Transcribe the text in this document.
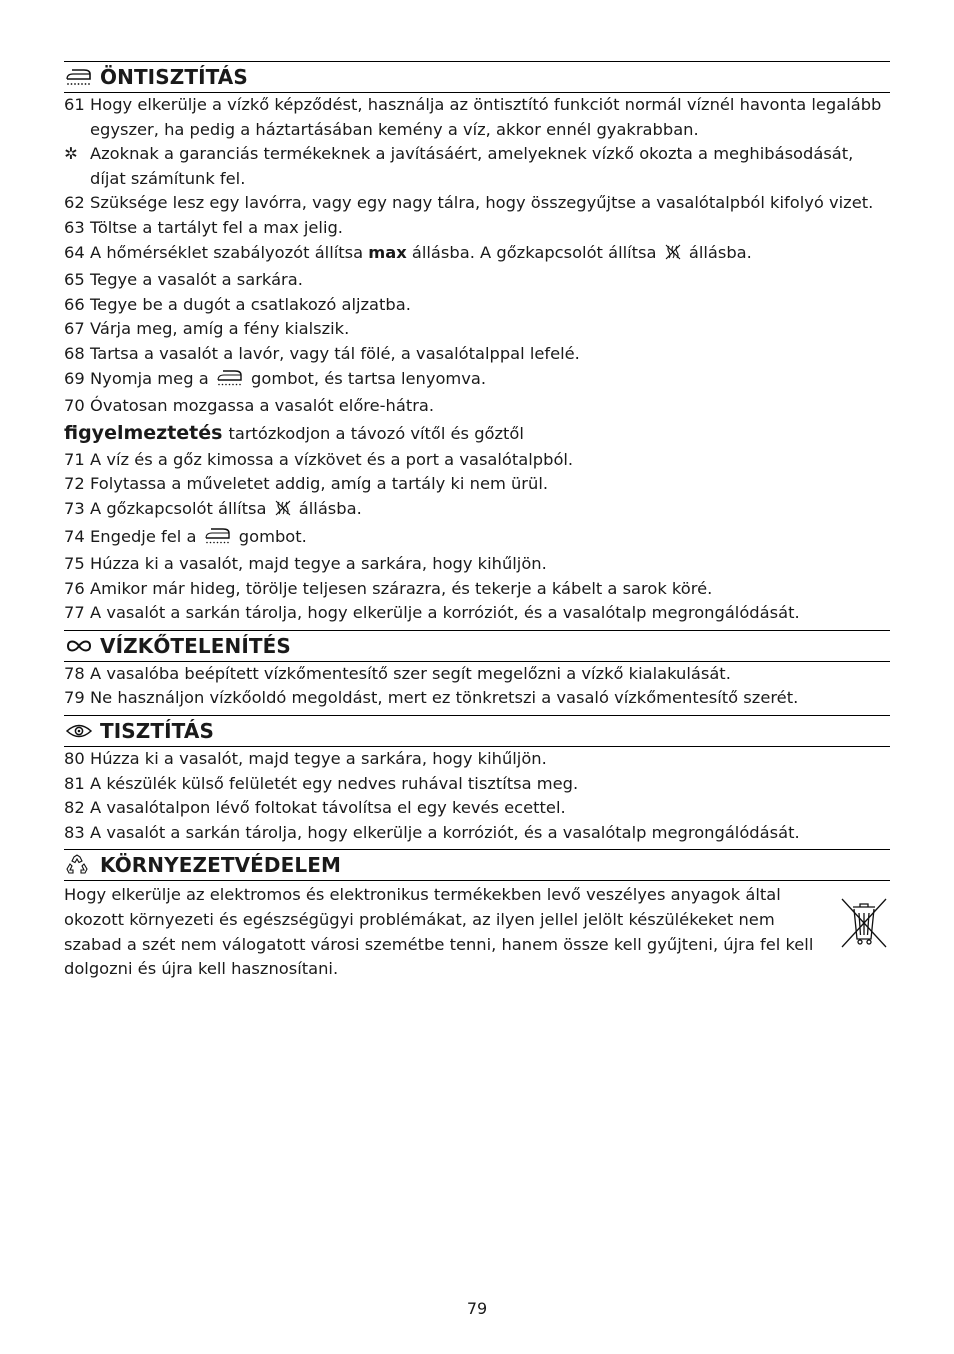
ÖNTISZTÍTÁS
61 Hogy elkerülje a vízkő képződést, használja az öntisztító funkciót normál víznél havonta legalább egyszer, ha pedig a háztartásában kemény a víz, akkor ennél gyakrabban.
✲ Azoknak a garanciás termékeknek a javításáért, amelyeknek vízkő okozta a meghibásodását, díjat számítunk fel.
62 Szüksége lesz egy lavórra, vagy egy nagy tálra, hogy összegyűjtse a vasalótalpból kifolyó vizet.
63 Töltse a tartályt fel a max jelig.
64 A hőmérséklet szabályozót állítsa max állásba. A gőzkapcsolót állítsa  állásba.
65 Tegye a vasalót a sarkára.
66 Tegye be a dugót a csatlakozó aljzatba.
67 Várja meg, amíg a fény kialszik.
68 Tartsa a vasalót a lavór, vagy tál fölé, a vasalótalppal lefelé.
69 Nyomja meg a  gombot, és tartsa lenyomva.
70 Óvatosan mozgassa a vasalót előre-hátra.
figyelmeztetés tartózkodjon a távozó vítől és gőztől
71 A víz és a gőz kimossa a vízkövet és a port a vasalótalpból.
72 Folytassa a műveletet addig, amíg a tartály ki nem ürül.
73 A gőzkapcsolót állítsa  állásba.
74 Engedje fel a  gombot.
75 Húzza ki a vasalót, majd tegye a sarkára, hogy kihűljön.
76 Amikor már hideg, törölje teljesen szárazra, és tekerje a kábelt a sarok köré.
77 A vasalót a sarkán tárolja, hogy elkerülje a korróziót, és a vasalótalp megrongálódását.
VÍZKŐTELENÍTÉS
78 A vasalóba beépített vízkőmentesítő szer segít megelőzni a vízkő kialakulását.
79 Ne használjon vízkőoldó megoldást, mert ez tönkretszi a vasaló vízkőmentesítő szerét.
TISZTÍTÁS
80 Húzza ki a vasalót, majd tegye a sarkára, hogy kihűljön.
81 A készülék külső felületét egy nedves ruhával tisztítsa meg.
82 A vasalótalpon lévő foltokat távolítsa el egy kevés ecettel.
83 A vasalót a sarkán tárolja, hogy elkerülje a korróziót, és a vasalótalp megrongálódását.
KÖRNYEZETVÉDELEM
Hogy elkerülje az elektromos és elektronikus termékekben levő veszélyes anyagok által okozott környezeti és egészségügyi problémákat, az ilyen jellel jelölt készülékeket nem szabad a szét nem válogatott városi szemétbe tenni, hanem össze kell gyűjteni, újra fel kell dolgozni és újra kell hasznosítani.
79
